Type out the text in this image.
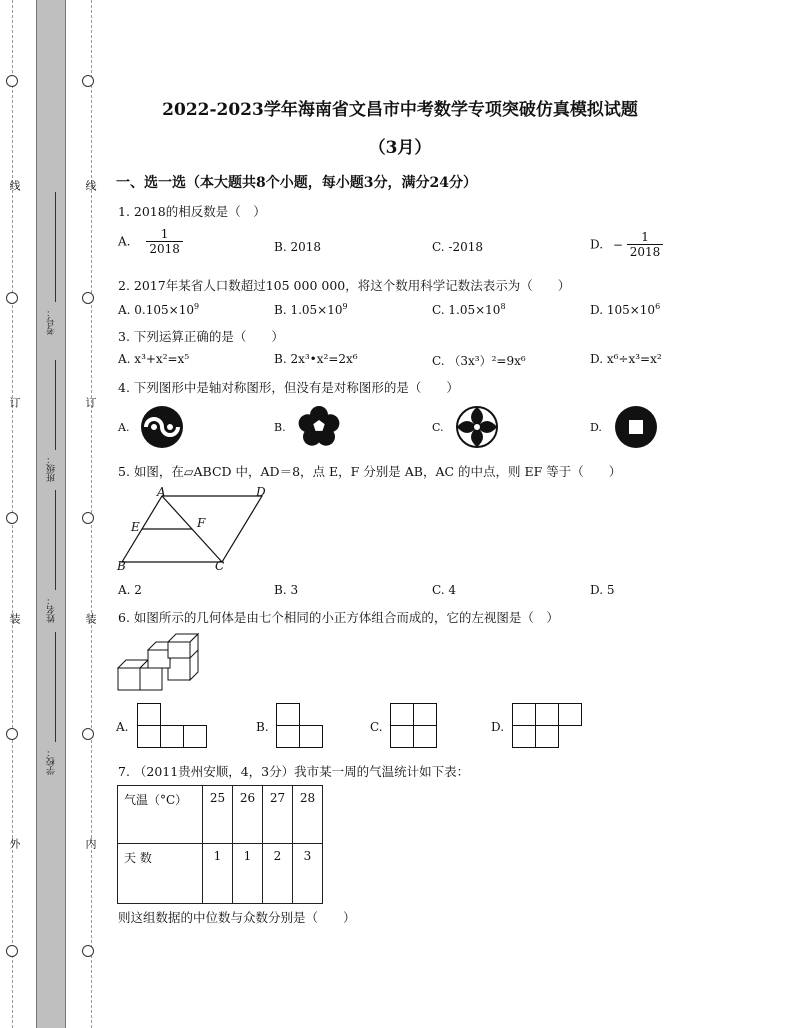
线
订
装
外
线
订
装
内
考号：
班级：
姓名：
学校：
2022-2023学年海南省文昌市中考数学专项突破仿真模拟试题
（3月）
一、选一选（本大题共8个小题，每小题3分，满分24分）
1. 2018的相反数是（　）
A. $\frac{1}{2018}$	B. 2018	C. -2018	D. − $\frac{1}{2018}$
2. 2017年某省人口数超过105 000 000，将这个数用科学记数法表示为（　　）
A. $0.105\times 10^9$	B. $1.05\times 10^9$	C. $1.05\times 10^8$	D. $105\times 10^6$
3. 下列运算正确的是（　　）
A. x³+x²=x⁵	B. 2x³•x²=2x⁶	C. （3x³）²=9x⁶	D. x⁶÷x³=x²
4. 下列图形中是轴对称图形，但没有是对称图形的是（　　）
A.	B.	C.	D.
5. 如图，在▱ABCD 中，AD＝8，点 E，F 分别是 AB，AC 的中点，则 EF 等于（　　）
A	D
E	F
B	C
A. 2	B. 3	C. 4	D. 5
6. 如图所示的几何体是由七个相同的小正方体组合而成的，它的左视图是（　）
A.	B.	C.	D.
7. （2011贵州安顺，4，3分）我市某一周的气温统计如下表：
气温（°C）	25	26	27	28

天 数	1	1	2	3
则这组数据的中位数与众数分别是（　　）
